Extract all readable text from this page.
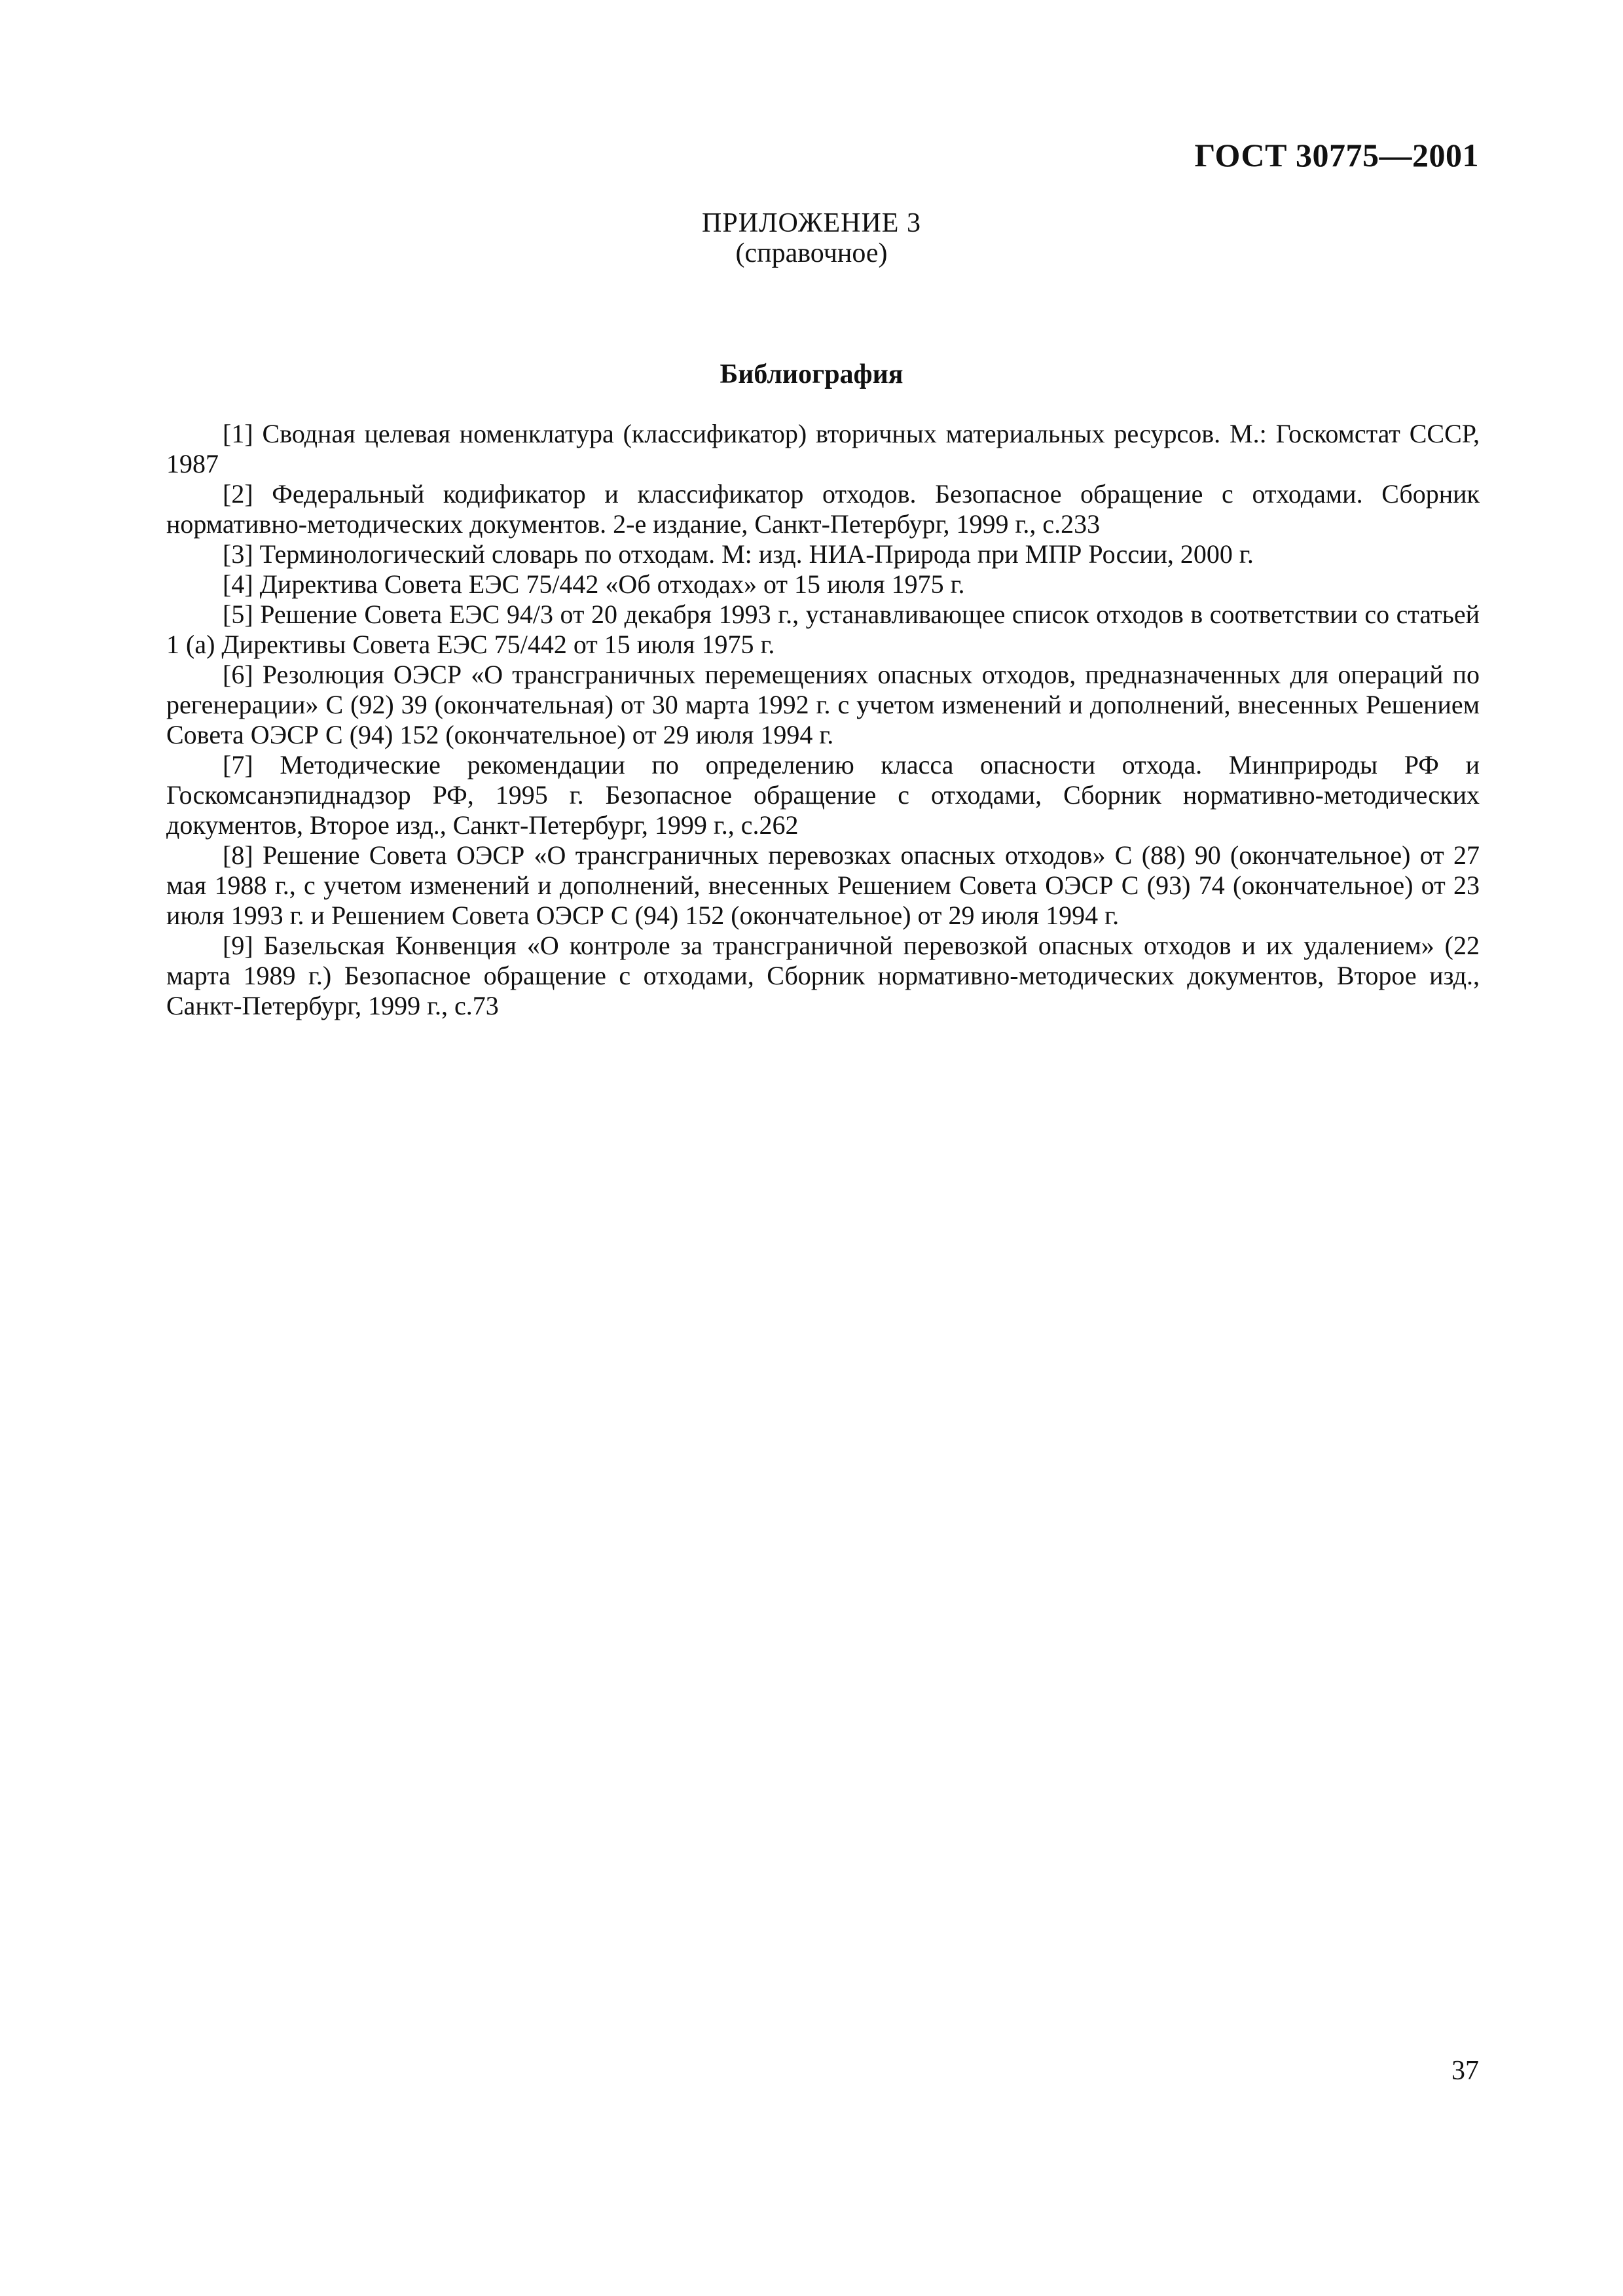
ГОСТ 30775—2001
ПРИЛОЖЕНИЕ 3
(справочное)
Библиография
[1] Сводная целевая номенклатура (классификатор) вторичных материальных ресурсов. М.: Госкомстат СССР, 1987
[2] Федеральный кодификатор и классификатор отходов. Безопасное обращение с отходами. Сборник нормативно-методических документов. 2-е издание, Санкт-Петербург, 1999 г., с.233
[3] Терминологический словарь по отходам. М: изд. НИА-Природа при МПР России, 2000 г.
[4] Директива Совета ЕЭС 75/442 «Об отходах» от 15 июля 1975 г.
[5] Решение Совета ЕЭС 94/3 от 20 декабря 1993 г., устанавливающее список отходов в соответствии со статьей 1 (а) Директивы Совета ЕЭС 75/442 от 15 июля 1975 г.
[6] Резолюция ОЭСР «О трансграничных перемещениях опасных отходов, предназначенных для операций по регенерации» С (92) 39 (окончательная) от 30 марта 1992 г. с учетом изменений и дополнений, внесенных Решением Совета ОЭСР С (94) 152 (окончательное) от 29 июля 1994 г.
[7] Методические рекомендации по определению класса опасности отхода. Минприроды РФ и Госкомсанэпиднадзор РФ, 1995 г. Безопасное обращение с отходами, Сборник нормативно-методических документов, Второе изд., Санкт-Петербург, 1999 г., с.262
[8] Решение Совета ОЭСР «О трансграничных перевозках опасных отходов» С (88) 90 (окончательное) от 27 мая 1988 г., с учетом изменений и дополнений, внесенных Решением Совета ОЭСР С (93) 74 (окончательное) от 23 июля 1993 г. и Решением Совета ОЭСР С (94) 152 (окончательное) от 29 июля 1994 г.
[9] Базельская Конвенция «О контроле за трансграничной перевозкой опасных отходов и их удалением» (22 марта 1989 г.) Безопасное обращение с отходами, Сборник нормативно-методических документов, Второе изд., Санкт-Петербург, 1999 г., с.73
37
